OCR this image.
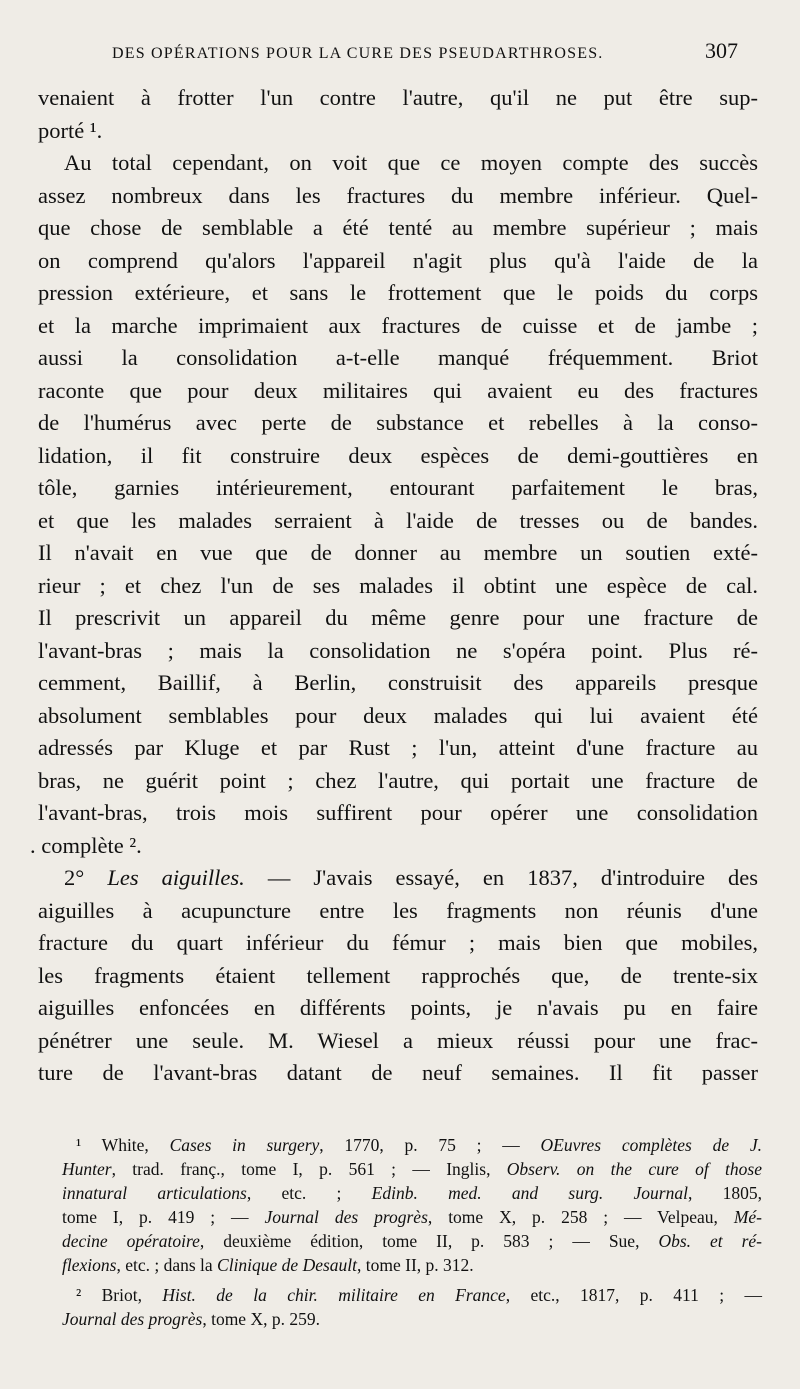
DES OPÉRATIONS POUR LA CURE DES PSEUDARTHROSES.	307
venaient à frotter l'un contre l'autre, qu'il ne put être sup-
porté ¹.
Au total cependant, on voit que ce moyen compte des succès
assez nombreux dans les fractures du membre inférieur. Quel-
que chose de semblable a été tenté au membre supérieur ; mais
on comprend qu'alors l'appareil n'agit plus qu'à l'aide de la
pression extérieure, et sans le frottement que le poids du corps
et la marche imprimaient aux fractures de cuisse et de jambe ;
aussi la consolidation a-t-elle manqué fréquemment. Briot
raconte que pour deux militaires qui avaient eu des fractures
de l'humérus avec perte de substance et rebelles à la conso-
lidation, il fit construire deux espèces de demi-gouttières en
tôle, garnies intérieurement, entourant parfaitement le bras,
et que les malades serraient à l'aide de tresses ou de bandes.
Il n'avait en vue que de donner au membre un soutien exté-
rieur ; et chez l'un de ses malades il obtint une espèce de cal.
Il prescrivit un appareil du même genre pour une fracture de
l'avant-bras ; mais la consolidation ne s'opéra point. Plus ré-
cemment, Baillif, à Berlin, construisit des appareils presque
absolument semblables pour deux malades qui lui avaient été
adressés par Kluge et par Rust ; l'un, atteint d'une fracture au
bras, ne guérit point ; chez l'autre, qui portait une fracture de
l'avant-bras, trois mois suffirent pour opérer une consolidation
. complète ².
2° Les aiguilles. — J'avais essayé, en 1837, d'introduire des
aiguilles à acupuncture entre les fragments non réunis d'une
fracture du quart inférieur du fémur ; mais bien que mobiles,
les fragments étaient tellement rapprochés que, de trente-six
aiguilles enfoncées en différents points, je n'avais pu en faire
pénétrer une seule. M. Wiesel a mieux réussi pour une frac-
ture de l'avant-bras datant de neuf semaines. Il fit passer
¹ White, Cases in surgery, 1770, p. 75 ; — OEuvres complètes de J.
Hunter, trad. franç., tome I, p. 561 ; — Inglis, Observ. on the cure of those
innatural articulations, etc. ; Edinb. med. and surg. Journal, 1805,
tome I, p. 419 ; — Journal des progrès, tome X, p. 258 ; — Velpeau, Mé-
decine opératoire, deuxième édition, tome II, p. 583 ; — Sue, Obs. et ré-
flexions, etc. ; dans la Clinique de Desault, tome II, p. 312.
² Briot, Hist. de la chir. militaire en France, etc., 1817, p. 411 ; —
Journal des progrès, tome X, p. 259.
